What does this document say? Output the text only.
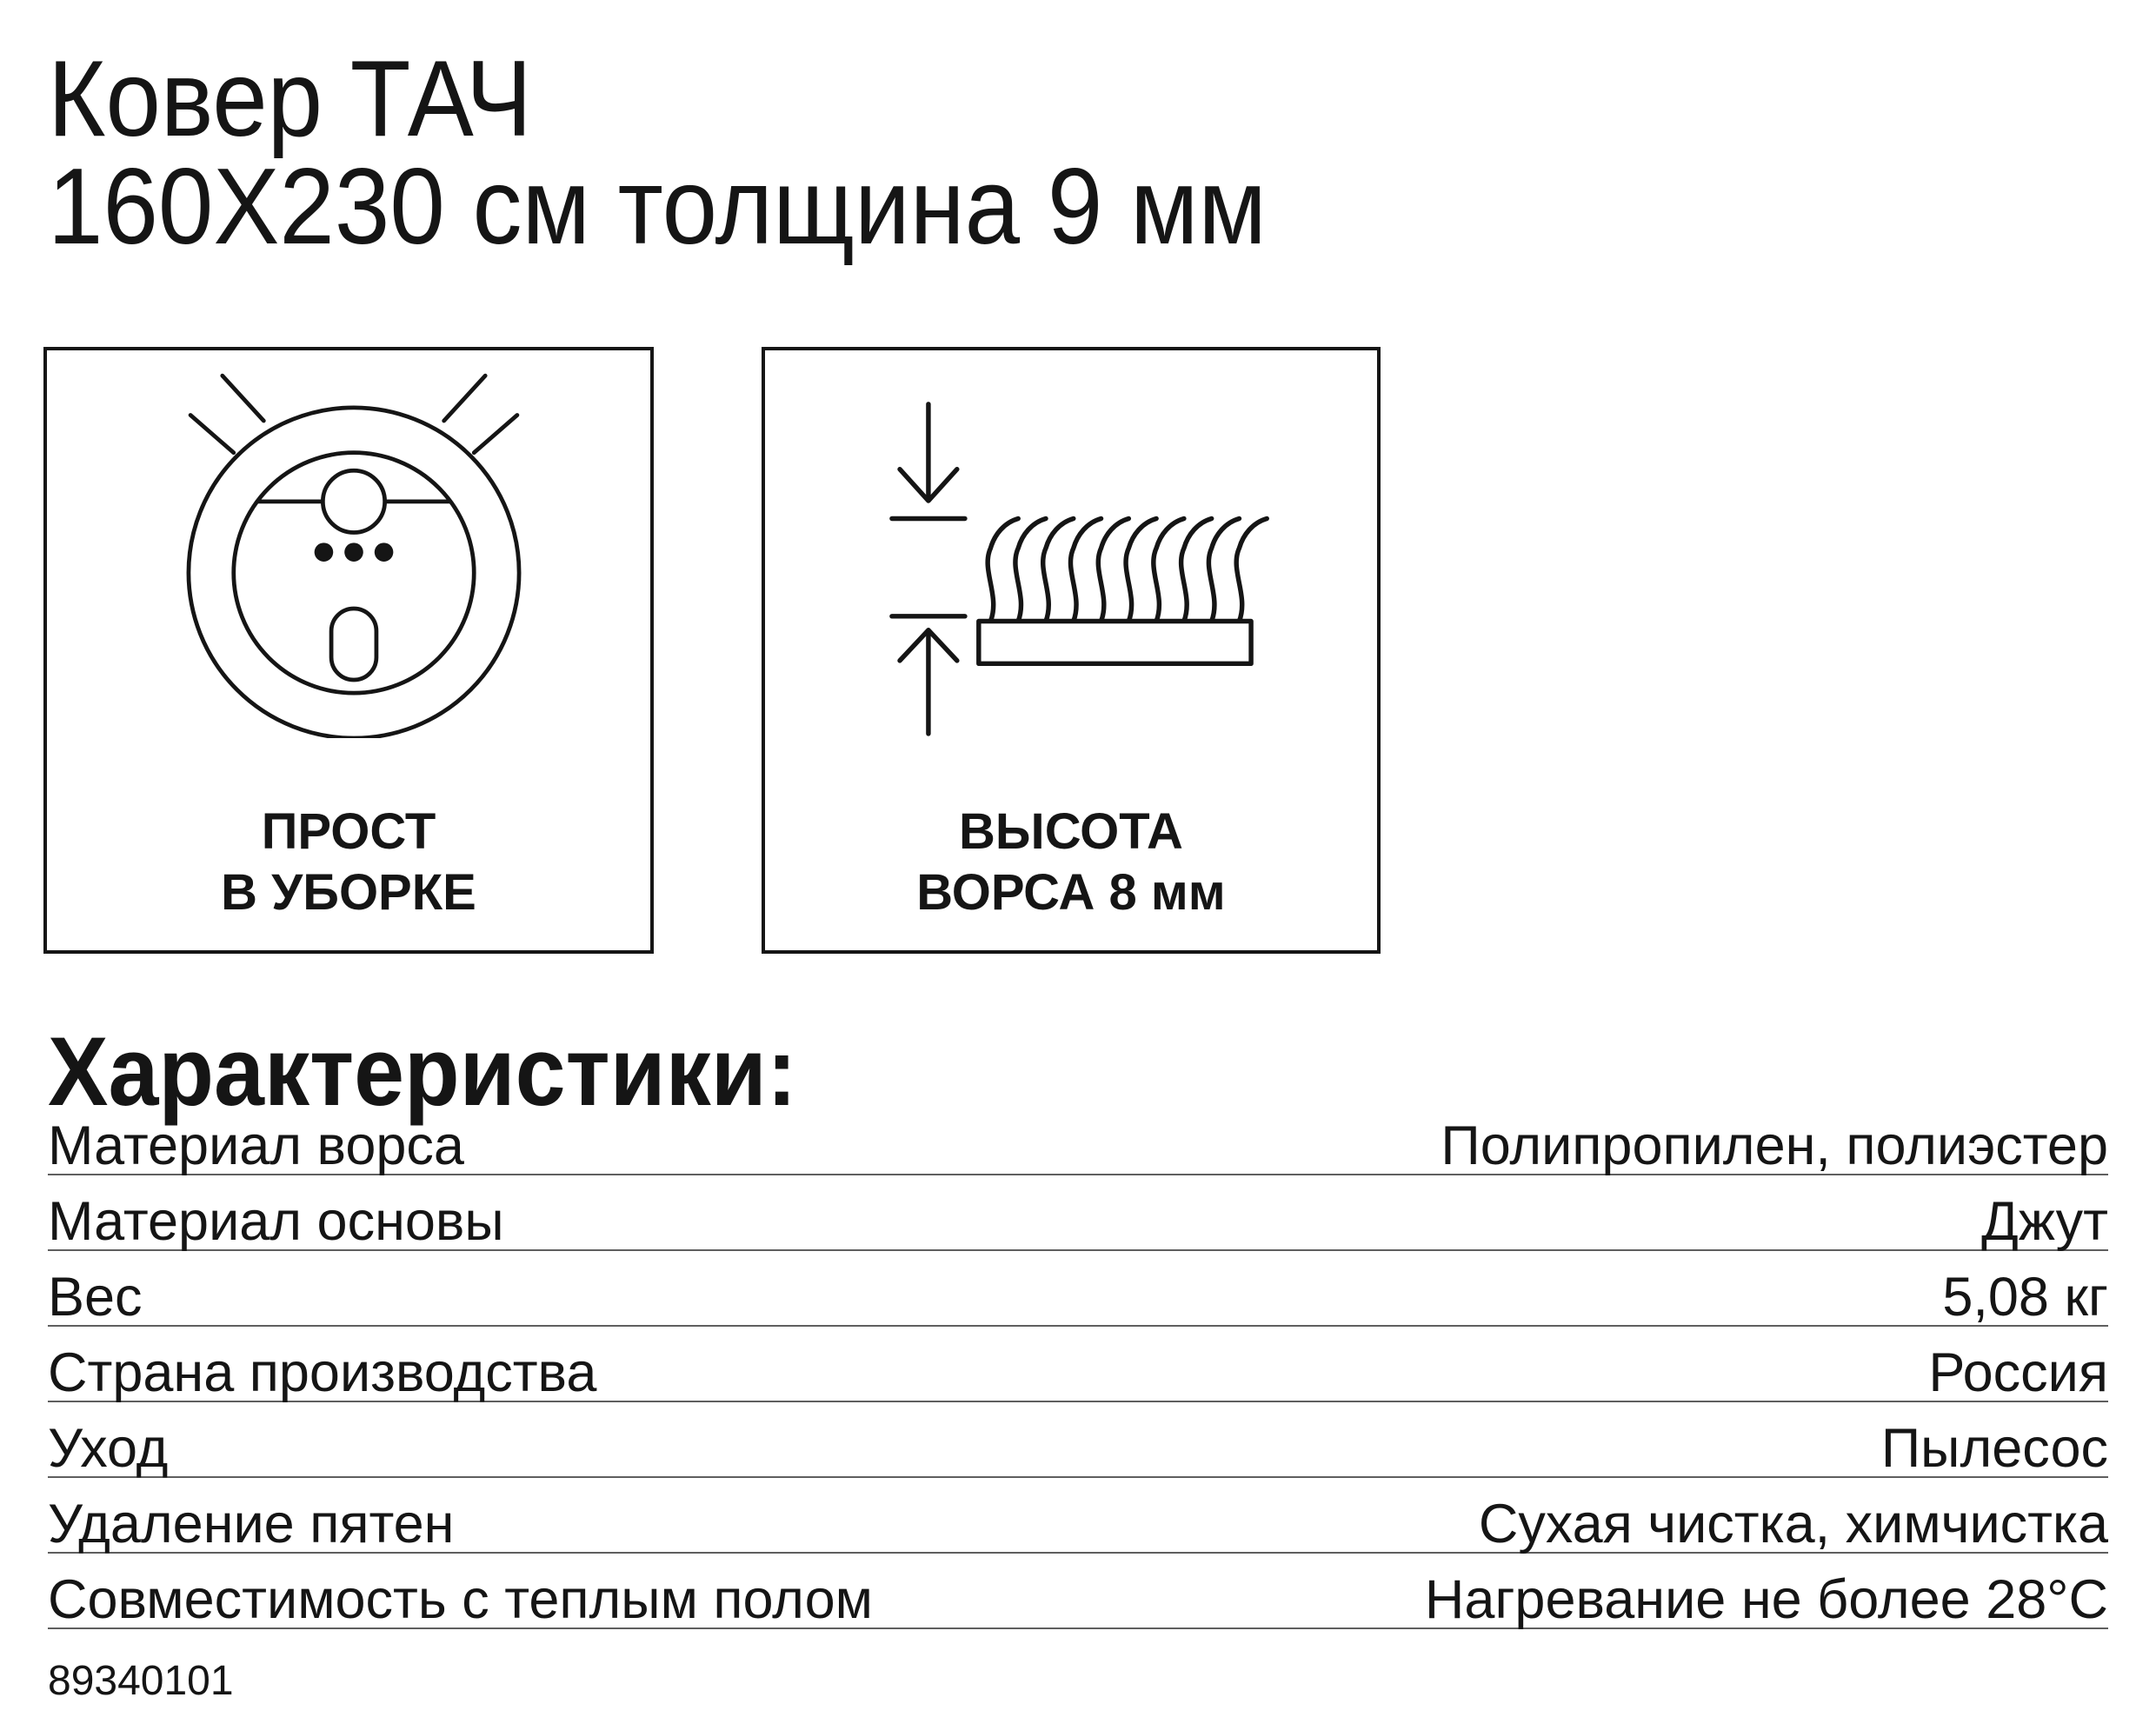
Ковер ТАЧ
160Х230 см толщина 9 мм
ПРОСТ
В УБОРКЕ
ВЫСОТА
ВОРСА 8 мм
Характеристики:
Материал ворса	Полипропилен, полиэстер
Материал основы	Джут
Вес	5,08 кг
Страна производства	Россия
Уход	Пылесос
Удаление пятен	Сухая чистка, химчистка
Совместимость с теплым полом	Нагревание не более 28°С
89340101
